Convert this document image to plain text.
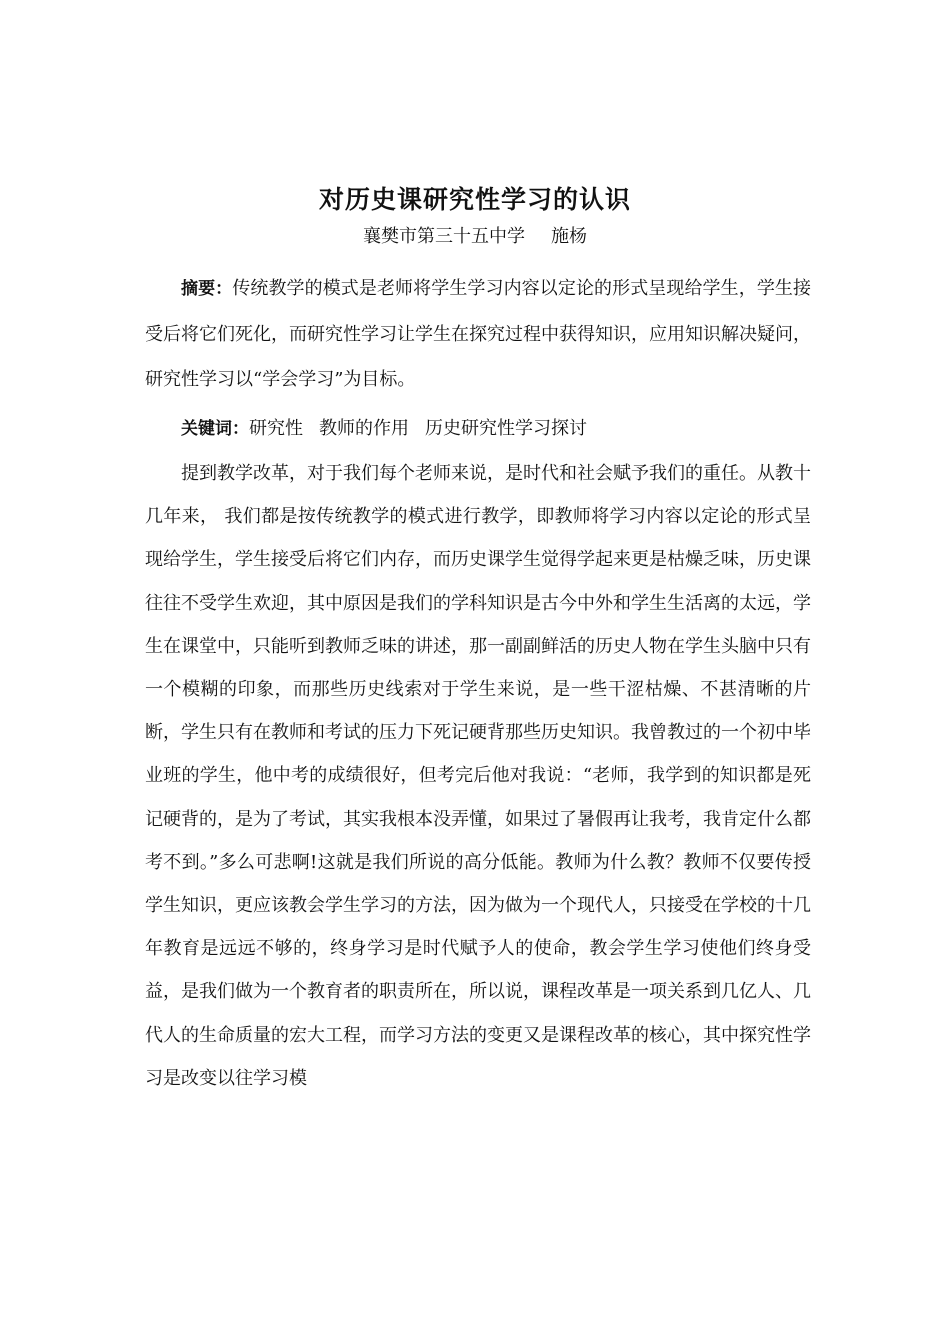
对历史课研究性学习的认识
襄樊市第三十五中学 施杨

摘要：传统教学的模式是老师将学生学习内容以定论的形式呈现给学生，学生接受后将它们死化，而研究性学习让学生在探究过程中获得知识，应用知识解决疑问，研究性学习以“学会学习”为目标。

关键词：研究性 教师的作用 历史研究性学习探讨

提到教学改革，对于我们每个老师来说，是时代和社会赋予我们的重任。从教十几年来， 我们都是按传统教学的模式进行教学，即教师将学习内容以定论的形式呈现给学生，学生接受后将它们内存，而历史课学生觉得学起来更是枯燥乏味，历史课往往不受学生欢迎，其中原因是我们的学科知识是古今中外和学生生活离的太远，学生在课堂中，只能听到教师乏味的讲述，那一副副鲜活的历史人物在学生头脑中只有一个模糊的印象，而那些历史线索对于学生来说，是一些干涩枯燥、不甚清晰的片断，学生只有在教师和考试的压力下死记硬背那些历史知识。我曾教过的一个初中毕业班的学生，他中考的成绩很好，但考完后他对我说：“老师，我学到的知识都是死记硬背的，是为了考试，其实我根本没弄懂，如果过了暑假再让我考，我肯定什么都考不到。”多么可悲啊!这就是我们所说的高分低能。教师为什么教？教师不仅要传授学生知识，更应该教会学生学习的方法，因为做为一个现代人，只接受在学校的十几年教育是远远不够的，终身学习是时代赋予人的使命，教会学生学习使他们终身受益，是我们做为一个教育者的职责所在，所以说，课程改革是一项关系到几亿人、几代人的生命质量的宏大工程，而学习方法的变更又是课程改革的核心，其中探究性学习是改变以往学习模
